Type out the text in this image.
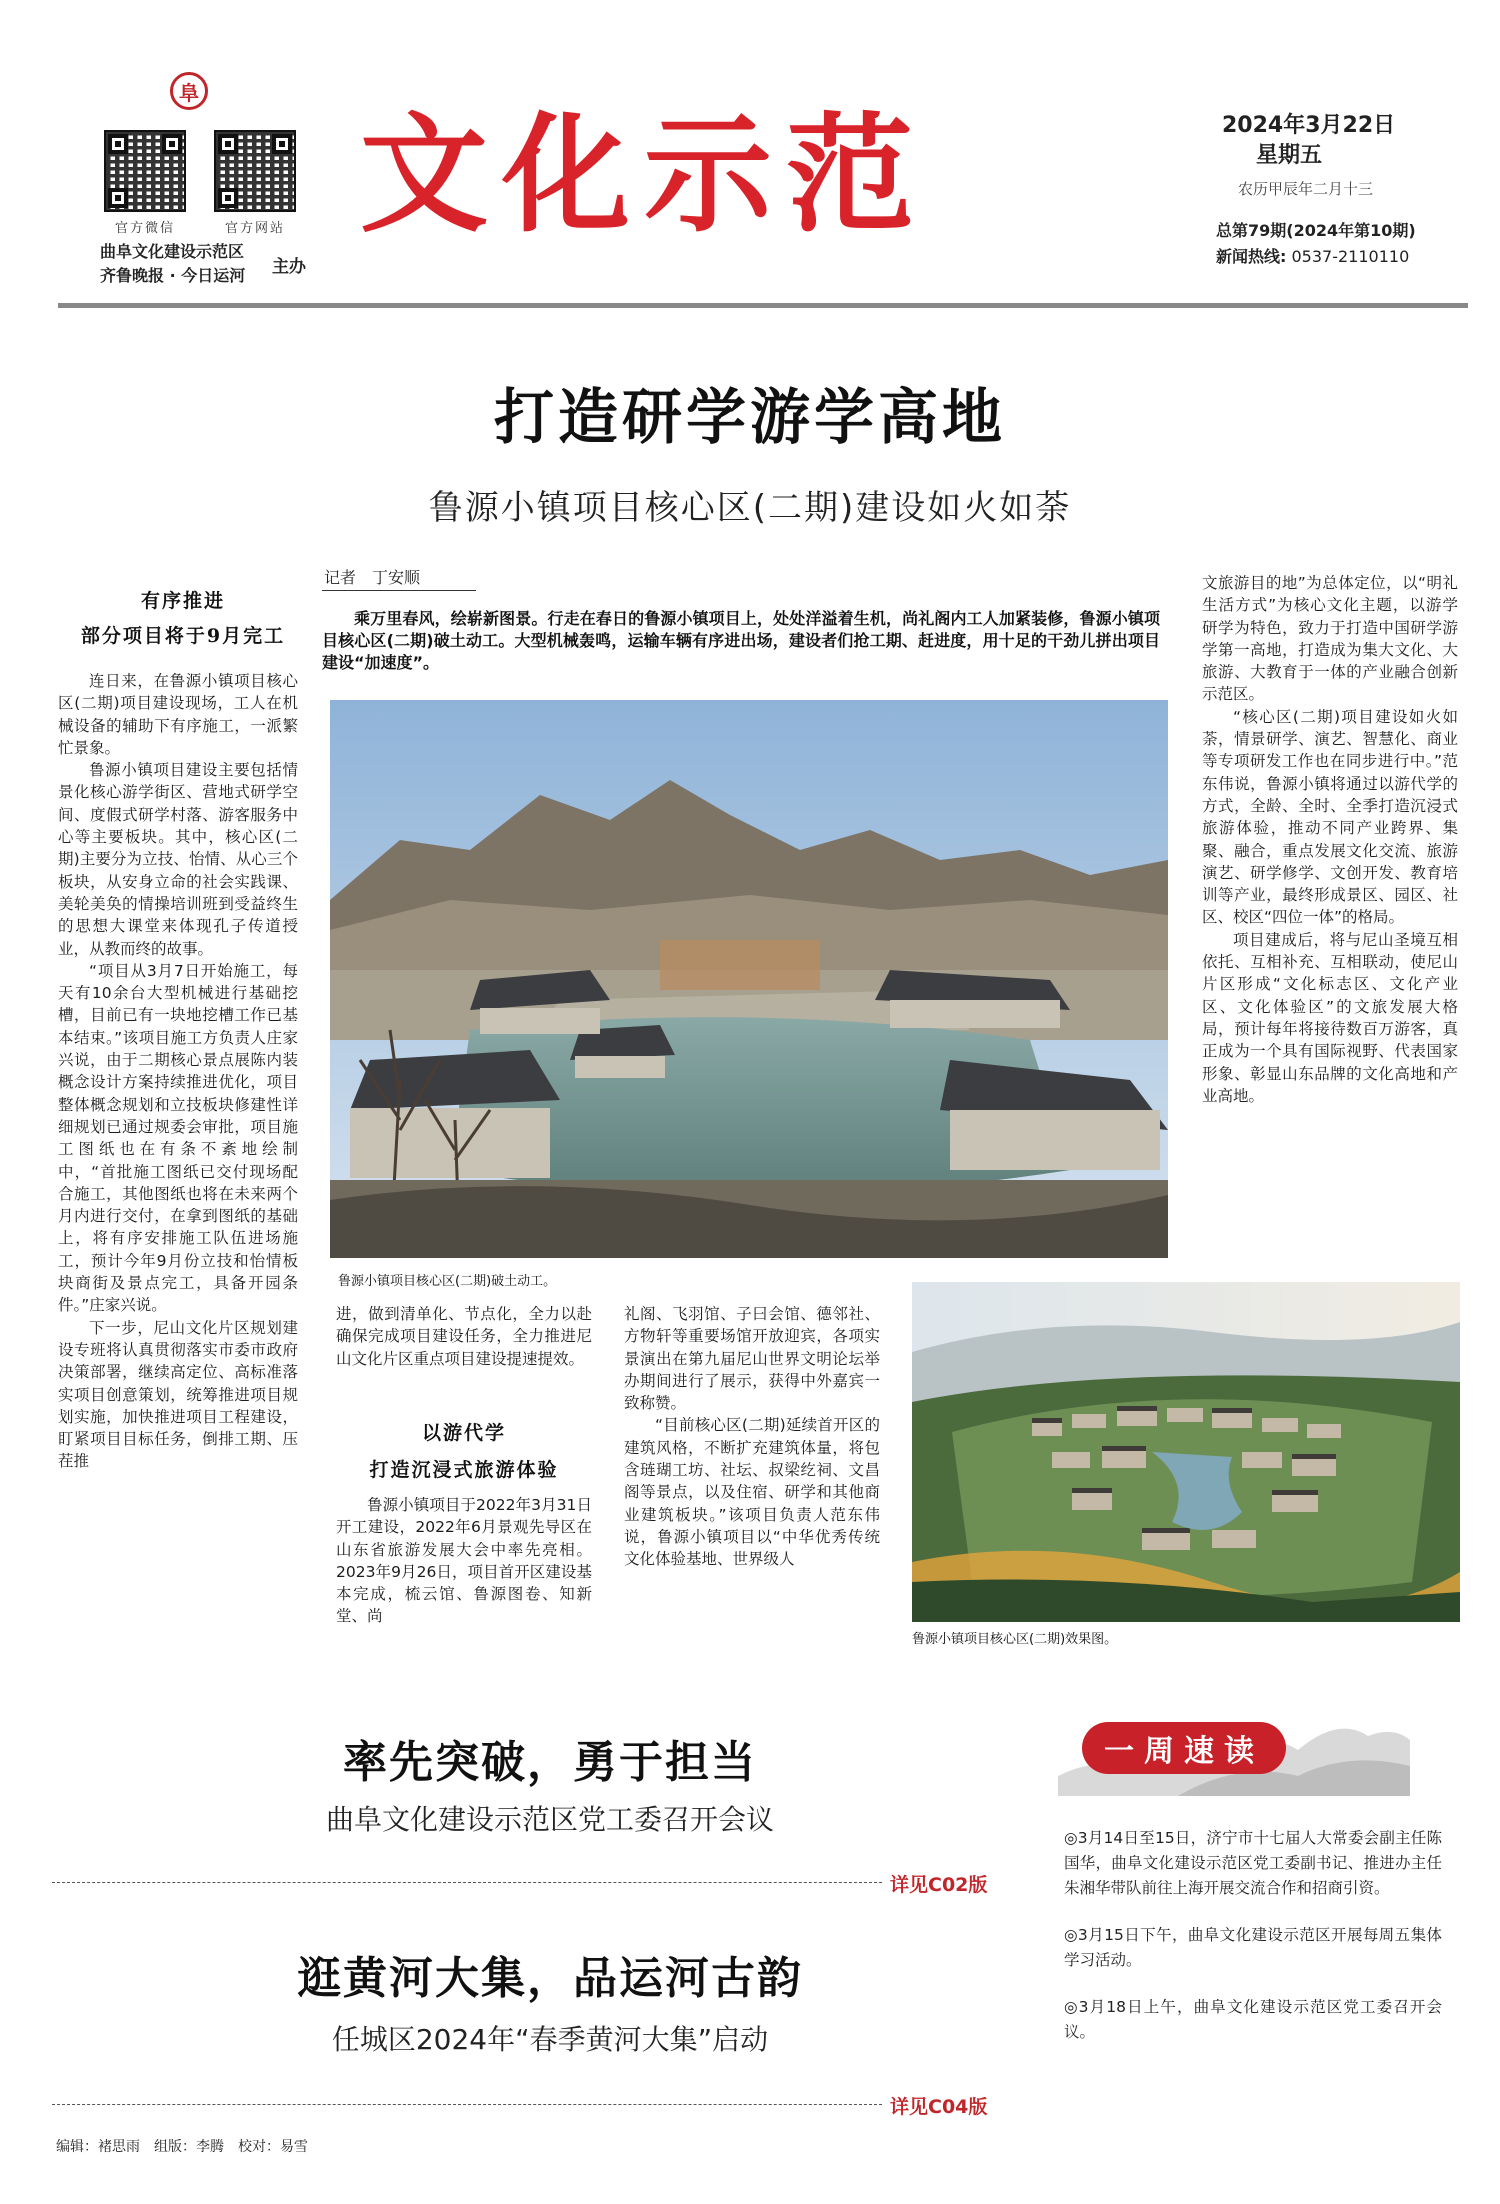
阜
官方微信	官方网站
曲阜文化建设示范区
齐鲁晚报 · 今日运河 主办
文化示范	2024年3月22日
星期五
农历甲辰年二月十三
总第79期(2024年第10期)
新闻热线: 0537-2110110
打造研学游学高地
鲁源小镇项目核心区(二期)建设如火如荼
记者　丁安顺
乘万里春风，绘崭新图景。行走在春日的鲁源小镇项目上，处处洋溢着生机，尚礼阁内工人加紧装修，鲁源小镇项目核心区(二期)破土动工。大型机械轰鸣，运输车辆有序进出场，建设者们抢工期、赶进度，用十足的干劲儿拼出项目建设“加速度”。
有序推进
部分项目将于9月完工

连日来，在鲁源小镇项目核心区(二期)项目建设现场，工人在机械设备的辅助下有序施工，一派繁忙景象。

鲁源小镇项目建设主要包括情景化核心游学街区、营地式研学空间、度假式研学村落、游客服务中心等主要板块。其中，核心区(二期)主要分为立技、怡情、从心三个板块，从安身立命的社会实践课、美轮美奂的情操培训班到受益终生的思想大课堂来体现孔子传道授业，从教而终的故事。

“项目从3月7日开始施工，每天有10余台大型机械进行基础挖槽，目前已有一块地挖槽工作已基本结束。”该项目施工方负责人庄家兴说，由于二期核心景点展陈内装概念设计方案持续推进优化，项目整体概念规划和立技板块修建性详细规划已通过规委会审批，项目施工图纸也在有条不紊地绘制中，“首批施工图纸已交付现场配合施工，其他图纸也将在未来两个月内进行交付，在拿到图纸的基础上，将有序安排施工队伍进场施工，预计今年9月份立技和怡情板块商街及景点完工，具备开园条件。”庄家兴说。

下一步，尼山文化片区规划建设专班将认真贯彻落实市委市政府决策部署，继续高定位、高标准落实项目创意策划，统筹推进项目规划实施，加快推进项目工程建设，盯紧项目目标任务，倒排工期、压茬推

鲁源小镇项目核心区(二期)破土动工。

文旅游目的地”为总体定位，以“明礼生活方式”为核心文化主题，以游学研学为特色，致力于打造中国研学游学第一高地，打造成为集大文化、大旅游、大教育于一体的产业融合创新示范区。

“核心区(二期)项目建设如火如荼，情景研学、演艺、智慧化、商业等专项研发工作也在同步进行中。”范东伟说，鲁源小镇将通过以游代学的方式，全龄、全时、全季打造沉浸式旅游体验，推动不同产业跨界、集聚、融合，重点发展文化交流、旅游演艺、研学修学、文创开发、教育培训等产业，最终形成景区、园区、社区、校区“四位一体”的格局。

项目建成后，将与尼山圣境互相依托、互相补充、互相联动，使尼山片区形成“文化标志区、文化产业区、文化体验区”的文旅发展大格局，预计每年将接待数百万游客，真正成为一个具有国际视野、代表国家形象、彰显山东品牌的文化高地和产业高地。

进，做到清单化、节点化，全力以赴确保完成项目建设任务，全力推进尼山文化片区重点项目建设提速提效。

以游代学
打造沉浸式旅游体验

鲁源小镇项目于2022年3月31日开工建设，2022年6月景观先导区在山东省旅游发展大会中率先亮相。2023年9月26日，项目首开区建设基本完成，梳云馆、鲁源图卷、知新堂、尚

礼阁、飞羽馆、子曰会馆、德邻社、方物轩等重要场馆开放迎宾，各项实景演出在第九届尼山世界文明论坛举办期间进行了展示，获得中外嘉宾一致称赞。

“目前核心区(二期)延续首开区的建筑风格，不断扩充建筑体量，将包含琏瑚工坊、社坛、叔梁纥祠、文昌阁等景点，以及住宿、研学和其他商业建筑板块。”该项目负责人范东伟说，鲁源小镇项目以“中华优秀传统文化体验基地、世界级人

鲁源小镇项目核心区(二期)效果图。
率先突破，勇于担当
曲阜文化建设示范区党工委召开会议
详见C02版
逛黄河大集，品运河古韵
任城区2024年“春季黄河大集”启动
详见C04版
一周速读

◎3月14日至15日，济宁市十七届人大常委会副主任陈国华，曲阜文化建设示范区党工委副书记、推进办主任朱湘华带队前往上海开展交流合作和招商引资。

◎3月15日下午，曲阜文化建设示范区开展每周五集体学习活动。

◎3月18日上午，曲阜文化建设示范区党工委召开会议。

编辑：褚思雨　组版：李腾　校对：易雪
